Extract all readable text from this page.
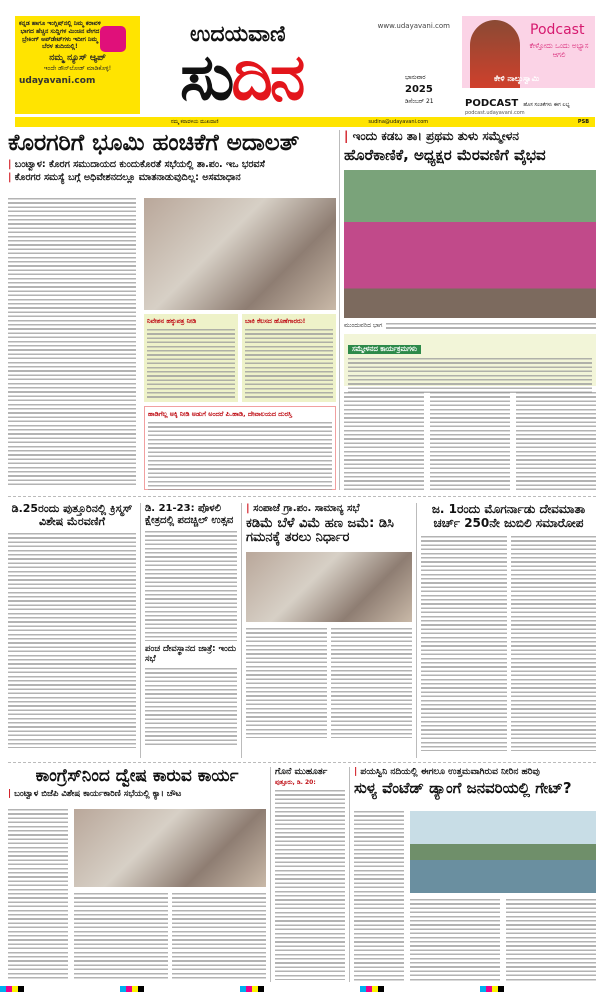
ಕನ್ನಡ ಹಾಗೂ ಇಂಗ್ಲಿಷ್‌ನಲ್ಲಿ ನಿಮ್ಮ ಕರಾವಳಿ ಭಾಗದ ಹೆಚ್ಚಿನ ಸುದ್ದಿಗಳ ಮಿಂಚಿನ ವೇಗದ ಬ್ರೇಕಿಂಗ್ ಅಪ್‌ಡೇಟ್‌ಗಳು ಇದೀಗ ನಿಮ್ಮ ಬೆರಳ ತುದಿಯಲ್ಲಿ!
ನಮ್ಮ ನ್ಯೂಸ್ ಆ್ಯಪ್
ಇಂದೇ ಡೌನ್‌ಲೋಡ್ ಮಾಡಿಕೊಳ್ಳಿ!
udayavani.com
ಉದಯವಾಣಿ	www.udayavani.com
ಸುದಿನ	ಭಾನುವಾರ
2025
ಡಿಸೆಂಬರ್ 21
Podcast
ಕೇಳ್ತೋದು ಒಂದು ಅಭ್ಯಾಸ ಆಗಲಿ
ಕೇಳಿ ನಾಲ್ಕುಸ್ವಾಮಿ
PODCAST ಹೊಸ ಸಂಚಿಕೆಗಳು ಈಗ ಲಭ್ಯ
podcast.udayavani.com
ನಮ್ಮ ಕರಾವಳಿಯ ಮುಖವಾಣಿ	sudina@udayavani.com	PSB
ಕೊರಗರಿಗೆ ಭೂಮಿ ಹಂಚಿಕೆಗೆ ಅದಾಲತ್
| ಬಂಟ್ವಾಳ: ಕೊರಗ ಸಮುದಾಯದ ಕುಂದುಕೊರತೆ ಸಭೆಯಲ್ಲಿ ತಾ.ಪಂ. ಇಒ ಭರವಸೆ
| ಕೊರಗರ ಸಮಸ್ಯೆ ಬಗ್ಗೆ ಅಧಿವೇಶನದಲ್ಲೂ ಮಾತನಾಡುವುದಿಲ್ಲ: ಅಸಮಾಧಾನ
ನಿವೇಶನ ಹಕ್ಕುಪತ್ರ ನೀಡಿ	ಬಾಕಿ ಕೆಲಸದ ಹೊಣೆಗಾರರು!
ಹಾಡಿಗೆಲ್ಲ ಅಕ್ಕಿ ನೀಡಿ ಅಡುಗೆ ಅಂದರೆ ಪಿ.ಹಾಡಿ, ದೇವಾಲಯದ ದುರಸ್ತಿ
| ಇಂದು ಕಡಬ ತಾ। ಪ್ರಥಮ ತುಳು ಸಮ್ಮೇಳನ
ಹೊರೆಕಾಣಿಕೆ, ಅಧ್ಯಕ್ಷರ ಮೆರವಣಿಗೆ ವೈಭವ
ಮುಂದುವರಿದ ಭಾಗ
ಸಮ್ಮೇಳನದ ಕಾರ್ಯಕ್ರಮಗಳು
ಡಿ.25ರಂದು ಪುತ್ತೂರಿನಲ್ಲಿ ಕ್ರಿಸ್ಮಸ್ ವಿಶೇಷ ಮೆರವಣಿಗೆ
ಡಿ. 21-23: ಪೊಳಲಿ ಕ್ಷೇತ್ರದಲ್ಲಿ ಪದಚ್ಚಿಲ್ ಉತ್ಸವ
ಪಂಚ ದೇವಸ್ಥಾನದ ಜಾತ್ರೆ: ಇಂದು ಸಭೆ
| ಸಂಪಾಜೆ ಗ್ರಾ.ಪಂ. ಸಾಮಾನ್ಯ ಸಭೆ
ಕಡಿಮೆ ಬೆಳೆ ವಿಮೆ ಹಣ ಜಮೆ: ಡಿಸಿ ಗಮನಕ್ಕೆ ತರಲು ನಿರ್ಧಾರ
ಜ. 1ರಂದು ಮೊಗರ್ನಾಡು ದೇವಮಾತಾ ಚರ್ಚ್ 250ನೇ ಜುಬಿಲಿ ಸಮಾರೋಪ
ಕಾಂಗ್ರೆಸ್‌ನಿಂದ ದ್ವೇಷ ಕಾರುವ ಕಾರ್ಯ
| ಬಂಟ್ವಾಳ ಬಿಜೆಪಿ ವಿಶೇಷ ಕಾರ್ಯಕಾರಿಣಿ ಸಭೆಯಲ್ಲಿ ಕ್ಯಾ। ಚೌಟ
ಗೊನೆ ಮುಹೂರ್ತ
ಪುತ್ತೂರು, ಡಿ. 20:
| ಪಯಸ್ವಿನಿ ನದಿಯಲ್ಲಿ ಈಗಲೂ ಉತ್ತಮವಾಗಿರುವ ನೀರಿನ ಹರಿವು
ಸುಳ್ಯ ವೆಂಟೆಡ್ ಡ್ಯಾಂಗೆ ಜನವರಿಯಲ್ಲಿ ಗೇಟ್?
